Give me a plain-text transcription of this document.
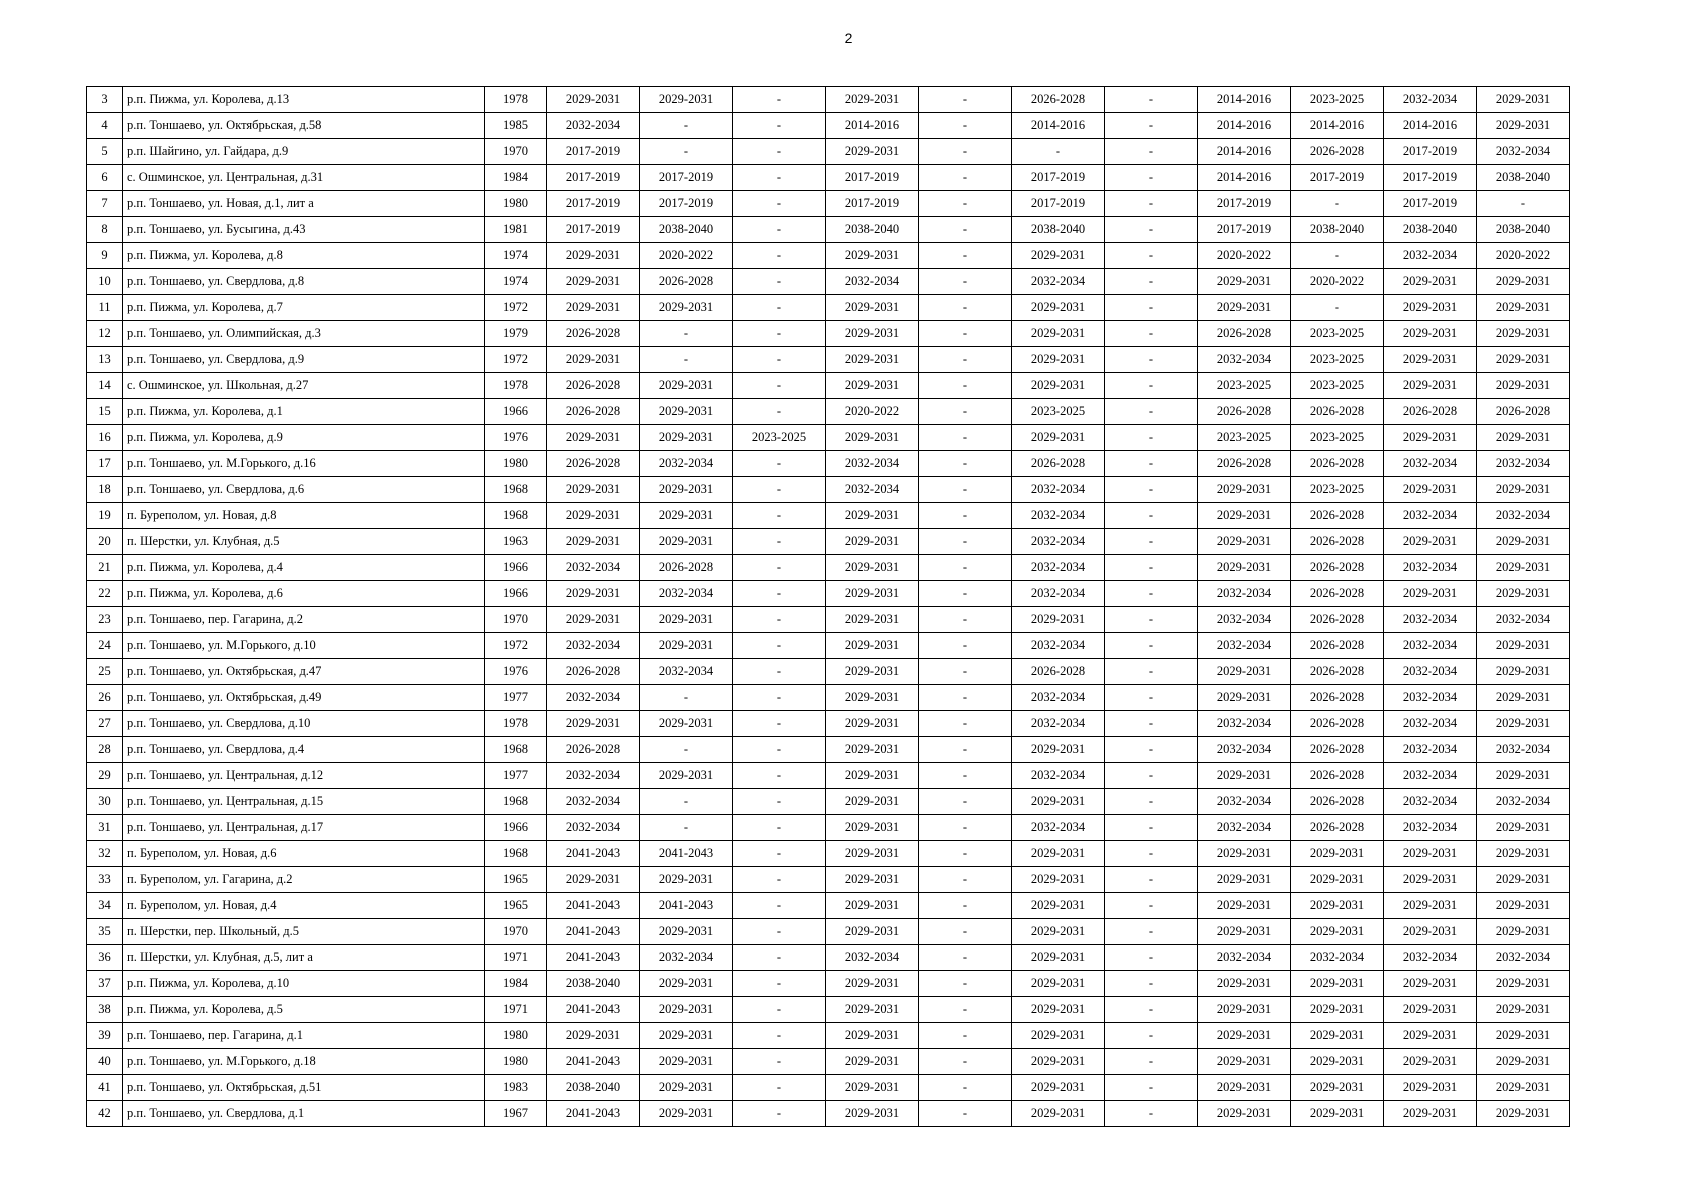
2
3	р.п. Пижма, ул. Королева, д.13	1978	2029-2031	2029-2031	-	2029-2031	-	2026-2028	-	2014-2016	2023-2025	2032-2034	2029-2031
4	р.п. Тоншаево, ул. Октябрьская, д.58	1985	2032-2034	-	-	2014-2016	-	2014-2016	-	2014-2016	2014-2016	2014-2016	2029-2031
5	р.п. Шайгино, ул. Гайдара, д.9	1970	2017-2019	-	-	2029-2031	-	-	-	2014-2016	2026-2028	2017-2019	2032-2034
6	с. Ошминское, ул. Центральная, д.31	1984	2017-2019	2017-2019	-	2017-2019	-	2017-2019	-	2014-2016	2017-2019	2017-2019	2038-2040
7	р.п. Тоншаево, ул. Новая, д.1, лит а	1980	2017-2019	2017-2019	-	2017-2019	-	2017-2019	-	2017-2019	-	2017-2019	-
8	р.п. Тоншаево, ул. Бусыгина, д.43	1981	2017-2019	2038-2040	-	2038-2040	-	2038-2040	-	2017-2019	2038-2040	2038-2040	2038-2040
9	р.п. Пижма, ул. Королева, д.8	1974	2029-2031	2020-2022	-	2029-2031	-	2029-2031	-	2020-2022	-	2032-2034	2020-2022
10	р.п. Тоншаево, ул. Свердлова, д.8	1974	2029-2031	2026-2028	-	2032-2034	-	2032-2034	-	2029-2031	2020-2022	2029-2031	2029-2031
11	р.п. Пижма, ул. Королева, д.7	1972	2029-2031	2029-2031	-	2029-2031	-	2029-2031	-	2029-2031	-	2029-2031	2029-2031
12	р.п. Тоншаево, ул. Олимпийская, д.3	1979	2026-2028	-	-	2029-2031	-	2029-2031	-	2026-2028	2023-2025	2029-2031	2029-2031
13	р.п. Тоншаево, ул. Свердлова, д.9	1972	2029-2031	-	-	2029-2031	-	2029-2031	-	2032-2034	2023-2025	2029-2031	2029-2031
14	с. Ошминское, ул. Школьная, д.27	1978	2026-2028	2029-2031	-	2029-2031	-	2029-2031	-	2023-2025	2023-2025	2029-2031	2029-2031
15	р.п. Пижма, ул. Королева, д.1	1966	2026-2028	2029-2031	-	2020-2022	-	2023-2025	-	2026-2028	2026-2028	2026-2028	2026-2028
16	р.п. Пижма, ул. Королева, д.9	1976	2029-2031	2029-2031	2023-2025	2029-2031	-	2029-2031	-	2023-2025	2023-2025	2029-2031	2029-2031
17	р.п. Тоншаево, ул. М.Горького, д.16	1980	2026-2028	2032-2034	-	2032-2034	-	2026-2028	-	2026-2028	2026-2028	2032-2034	2032-2034
18	р.п. Тоншаево, ул. Свердлова, д.6	1968	2029-2031	2029-2031	-	2032-2034	-	2032-2034	-	2029-2031	2023-2025	2029-2031	2029-2031
19	п. Буреполом, ул. Новая, д.8	1968	2029-2031	2029-2031	-	2029-2031	-	2032-2034	-	2029-2031	2026-2028	2032-2034	2032-2034
20	п. Шерстки, ул. Клубная, д.5	1963	2029-2031	2029-2031	-	2029-2031	-	2032-2034	-	2029-2031	2026-2028	2029-2031	2029-2031
21	р.п. Пижма, ул. Королева, д.4	1966	2032-2034	2026-2028	-	2029-2031	-	2032-2034	-	2029-2031	2026-2028	2032-2034	2029-2031
22	р.п. Пижма, ул. Королева, д.6	1966	2029-2031	2032-2034	-	2029-2031	-	2032-2034	-	2032-2034	2026-2028	2029-2031	2029-2031
23	р.п. Тоншаево, пер. Гагарина, д.2	1970	2029-2031	2029-2031	-	2029-2031	-	2029-2031	-	2032-2034	2026-2028	2032-2034	2032-2034
24	р.п. Тоншаево, ул. М.Горького, д.10	1972	2032-2034	2029-2031	-	2029-2031	-	2032-2034	-	2032-2034	2026-2028	2032-2034	2029-2031
25	р.п. Тоншаево, ул. Октябрьская, д.47	1976	2026-2028	2032-2034	-	2029-2031	-	2026-2028	-	2029-2031	2026-2028	2032-2034	2029-2031
26	р.п. Тоншаево, ул. Октябрьская, д.49	1977	2032-2034	-	-	2029-2031	-	2032-2034	-	2029-2031	2026-2028	2032-2034	2029-2031
27	р.п. Тоншаево, ул. Свердлова, д.10	1978	2029-2031	2029-2031	-	2029-2031	-	2032-2034	-	2032-2034	2026-2028	2032-2034	2029-2031
28	р.п. Тоншаево, ул. Свердлова, д.4	1968	2026-2028	-	-	2029-2031	-	2029-2031	-	2032-2034	2026-2028	2032-2034	2032-2034
29	р.п. Тоншаево, ул. Центральная, д.12	1977	2032-2034	2029-2031	-	2029-2031	-	2032-2034	-	2029-2031	2026-2028	2032-2034	2029-2031
30	р.п. Тоншаево, ул. Центральная, д.15	1968	2032-2034	-	-	2029-2031	-	2029-2031	-	2032-2034	2026-2028	2032-2034	2032-2034
31	р.п. Тоншаево, ул. Центральная, д.17	1966	2032-2034	-	-	2029-2031	-	2032-2034	-	2032-2034	2026-2028	2032-2034	2029-2031
32	п. Буреполом, ул. Новая, д.6	1968	2041-2043	2041-2043	-	2029-2031	-	2029-2031	-	2029-2031	2029-2031	2029-2031	2029-2031
33	п. Буреполом, ул. Гагарина, д.2	1965	2029-2031	2029-2031	-	2029-2031	-	2029-2031	-	2029-2031	2029-2031	2029-2031	2029-2031
34	п. Буреполом, ул. Новая, д.4	1965	2041-2043	2041-2043	-	2029-2031	-	2029-2031	-	2029-2031	2029-2031	2029-2031	2029-2031
35	п. Шерстки, пер. Школьный, д.5	1970	2041-2043	2029-2031	-	2029-2031	-	2029-2031	-	2029-2031	2029-2031	2029-2031	2029-2031
36	п. Шерстки, ул. Клубная, д.5, лит а	1971	2041-2043	2032-2034	-	2032-2034	-	2029-2031	-	2032-2034	2032-2034	2032-2034	2032-2034
37	р.п. Пижма, ул. Королева, д.10	1984	2038-2040	2029-2031	-	2029-2031	-	2029-2031	-	2029-2031	2029-2031	2029-2031	2029-2031
38	р.п. Пижма, ул. Королева, д.5	1971	2041-2043	2029-2031	-	2029-2031	-	2029-2031	-	2029-2031	2029-2031	2029-2031	2029-2031
39	р.п. Тоншаево, пер. Гагарина, д.1	1980	2029-2031	2029-2031	-	2029-2031	-	2029-2031	-	2029-2031	2029-2031	2029-2031	2029-2031
40	р.п. Тоншаево, ул. М.Горького, д.18	1980	2041-2043	2029-2031	-	2029-2031	-	2029-2031	-	2029-2031	2029-2031	2029-2031	2029-2031
41	р.п. Тоншаево, ул. Октябрьская, д.51	1983	2038-2040	2029-2031	-	2029-2031	-	2029-2031	-	2029-2031	2029-2031	2029-2031	2029-2031
42	р.п. Тоншаево, ул. Свердлова, д.1	1967	2041-2043	2029-2031	-	2029-2031	-	2029-2031	-	2029-2031	2029-2031	2029-2031	2029-2031
